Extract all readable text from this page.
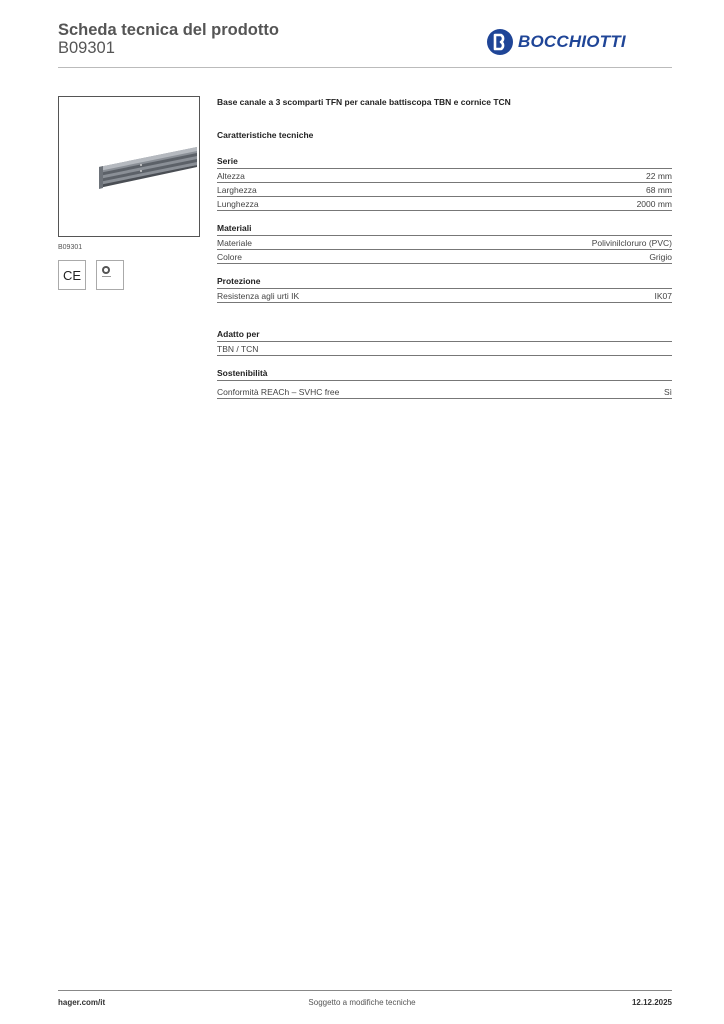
Scheda tecnica del prodotto
B09301	BOCCHIOTTI
B09301
CE
Base canale a 3 scomparti TFN per canale battiscopa TBN e cornice TCN
Caratteristiche tecniche
Serie
Altezza	22 mm
Larghezza	68 mm
Lunghezza	2000 mm
Materiali
Materiale	Polivinilcloruro (PVC)
Colore	Grigio
Protezione
Resistenza agli urti IK	IK07
Adatto per
TBN / TCN
Sostenibilità
Conformità REACh – SVHC free	Sì
hager.com/it	Soggetto a modifiche tecniche	12.12.2025
